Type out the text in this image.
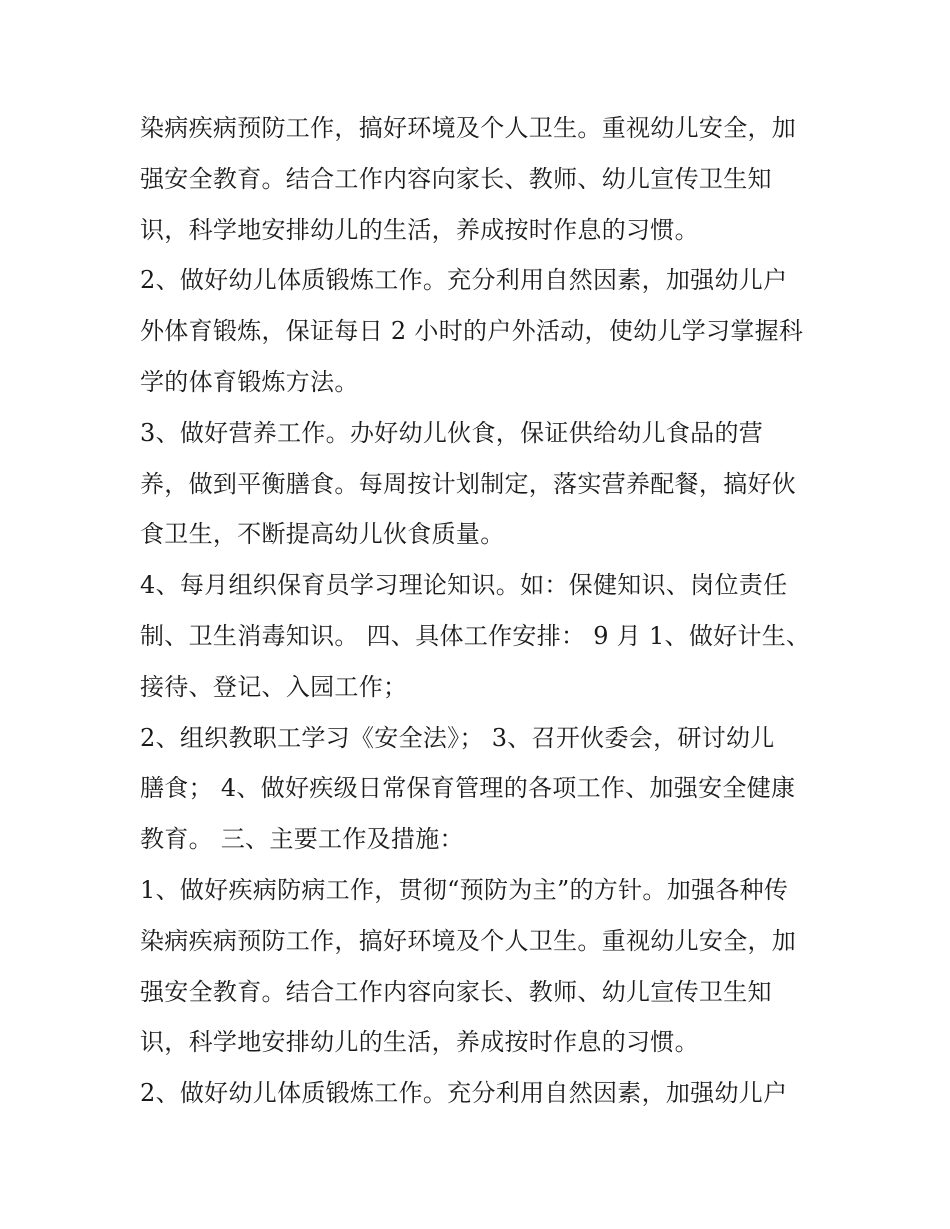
染病疾病预防工作，搞好环境及个人卫生。重视幼儿安全，加
强安全教育。结合工作内容向家长、教师、幼儿宣传卫生知
识，科学地安排幼儿的生活，养成按时作息的习惯。
2、做好幼儿体质锻炼工作。充分利用自然因素，加强幼儿户
外体育锻炼，保证每日 2 小时的户外活动，使幼儿学习掌握科
学的体育锻炼方法。
3、做好营养工作。办好幼儿伙食，保证供给幼儿食品的营
养，做到平衡膳食。每周按计划制定，落实营养配餐，搞好伙
食卫生，不断提高幼儿伙食质量。
4、每月组织保育员学习理论知识。如：保健知识、岗位责任
制、卫生消毒知识。 四、具体工作安排： 9 月 1、做好计生、
接待、登记、入园工作；
2、组织教职工学习《安全法》； 3、召开伙委会，研讨幼儿
膳食； 4、做好疾级日常保育管理的各项工作、加强安全健康
教育。 三、主要工作及措施：
1、做好疾病防病工作，贯彻“预防为主”的方针。加强各种传
染病疾病预防工作，搞好环境及个人卫生。重视幼儿安全，加
强安全教育。结合工作内容向家长、教师、幼儿宣传卫生知
识，科学地安排幼儿的生活，养成按时作息的习惯。
2、做好幼儿体质锻炼工作。充分利用自然因素，加强幼儿户
